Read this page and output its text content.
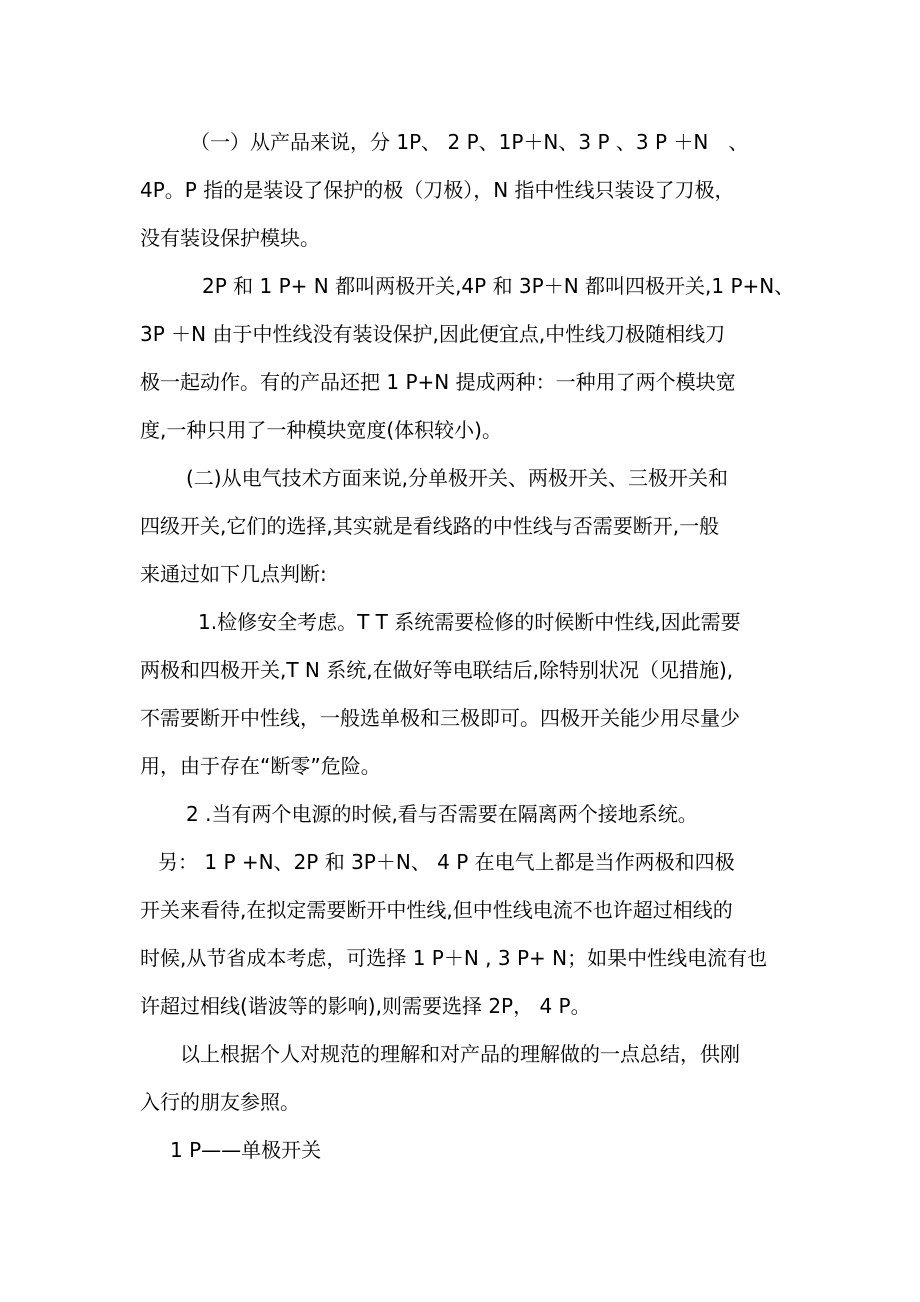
（一）从产品来说，分 1P、 2 P、1P＋N、3 P 、3 P ＋N　、

4P。P 指的是装设了保护的极（刀极），N 指中性线只装设了刀极，

没有装设保护模块。

2P 和 1 P+ N 都叫两极开关,4P 和 3P＋N 都叫四极开关,1 P+N、

3P ＋N 由于中性线没有装设保护,因此便宜点,中性线刀极随相线刀

极一起动作。有的产品还把 1 P+N 提成两种：一种用了两个模块宽

度,一种只用了一种模块宽度(体积较小)。

(二)从电气技术方面来说,分单极开关、两极开关、三极开关和

四级开关,它们的选择,其实就是看线路的中性线与否需要断开,一般

来通过如下几点判断:

1.检修安全考虑。T T 系统需要检修的时候断中性线,因此需要

两极和四极开关,T N 系统,在做好等电联结后,除特别状况（见措施),

不需要断开中性线，一般选单极和三极即可。四极开关能少用尽量少

用，由于存在“断零”危险。

2 .当有两个电源的时候,看与否需要在隔离两个接地系统。

另： 1 P +N、2P 和 3P＋N、 4 P 在电气上都是当作两极和四极

开关来看待,在拟定需要断开中性线,但中性线电流不也许超过相线的

时候,从节省成本考虑，可选择 1 P＋N , 3 P+ N；如果中性线电流有也

许超过相线(谐波等的影响),则需要选择 2P， 4 P。

以上根据个人对规范的理解和对产品的理解做的一点总结，供刚

入行的朋友参照。

1 P——单极开关
